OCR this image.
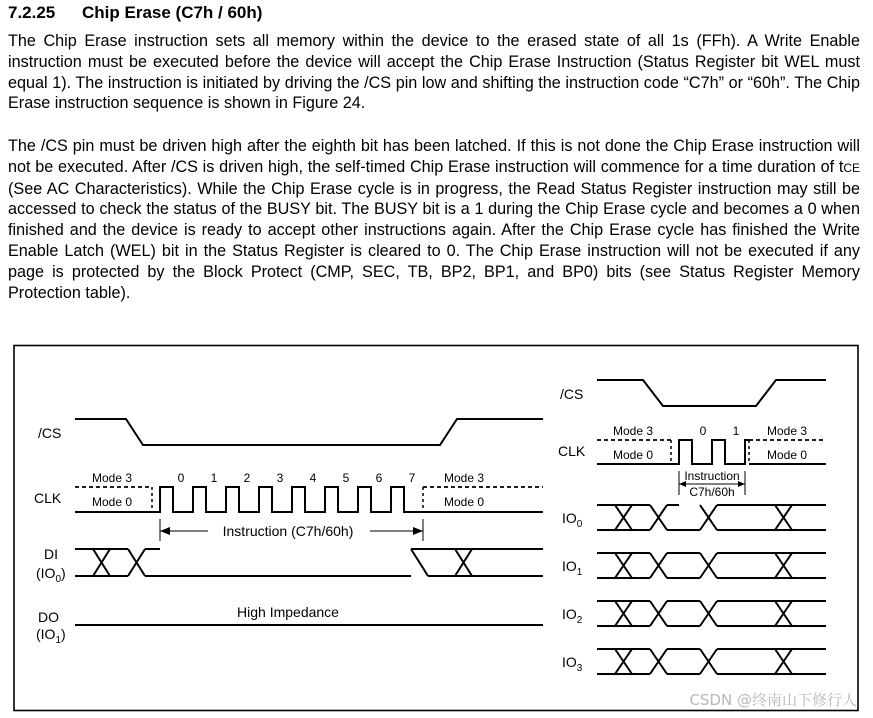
7.2.25 Chip Erase (C7h / 60h)

The Chip Erase instruction sets all memory within the device to the erased state of all 1s (FFh). A Write Enable instruction must be executed before the device will accept the Chip Erase Instruction (Status Register bit WEL must equal 1). The instruction is initiated by driving the /CS pin low and shifting the instruction code “C7h” or “60h”. The Chip Erase instruction sequence is shown in Figure 24.

The /CS pin must be driven high after the eighth bit has been latched. If this is not done the Chip Erase instruction will not be executed. After /CS is driven high, the self-timed Chip Erase instruction will commence for a time duration of tCE (See AC Characteristics). While the Chip Erase cycle is in progress, the Read Status Register instruction may still be accessed to check the status of the BUSY bit. The BUSY bit is a 1 during the Chip Erase cycle and becomes a 0 when finished and the device is ready to accept other instructions again. After the Chip Erase cycle has finished the Write Enable Latch (WEL) bit in the Status Register is cleared to 0. The Chip Erase instruction will not be executed if any page is protected by the Block Protect (CMP, SEC, TB, BP2, BP1, and BP0) bits (see Status Register Memory Protection table).

/CS
CLK
Mode 3
Mode 0
Mode 3
Mode 0
0 1 2 3 4 5 6 7
Instruction (C7h/60h)
DI
$(IO_0)$
DO
$(IO_1)$
High Impedance
/CS
CLK
Mode 3
Mode 0
Mode 3
Mode 0
0 1
Instruction
C7h/60h
$IO_0$
$IO_1$
$IO_2$
$IO_3$
CSDN @终南山下修行人
